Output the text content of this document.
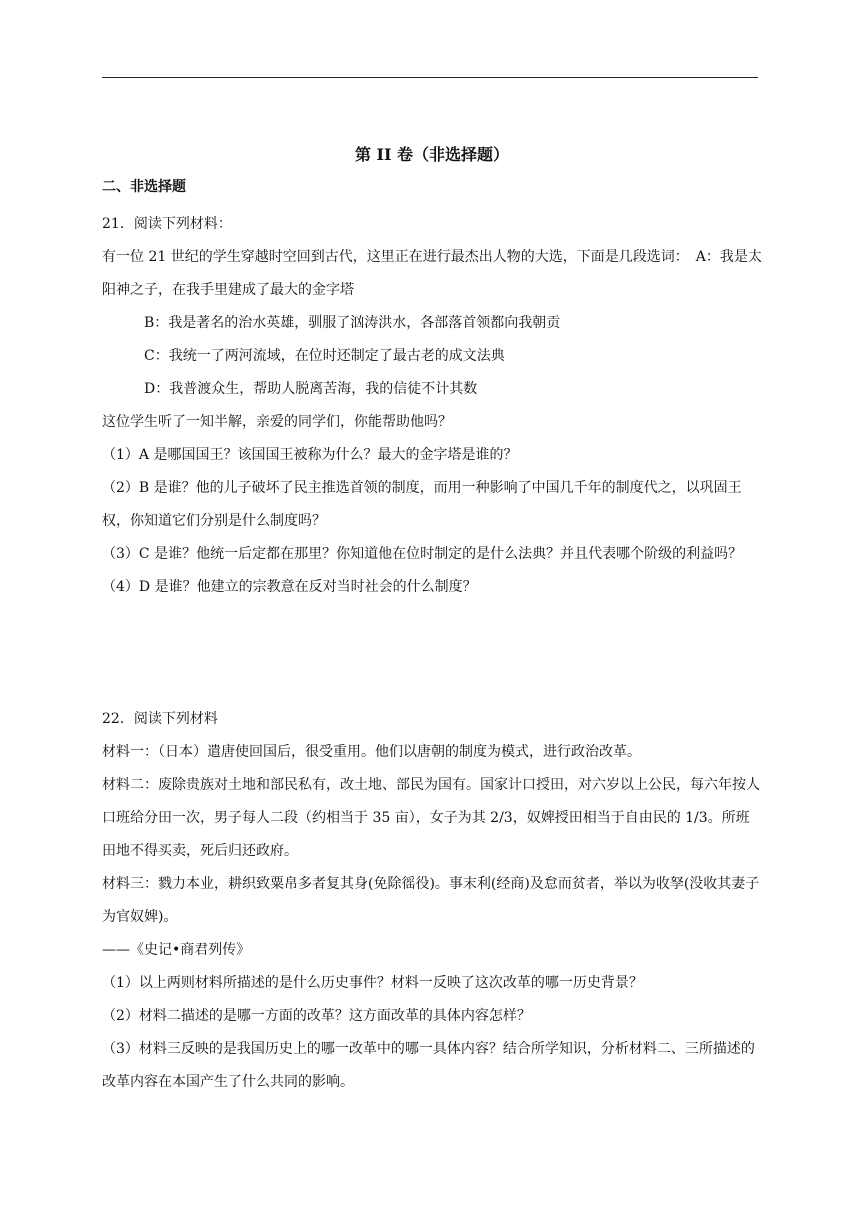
第 II 卷（非选择题）
二、非选择题

21．阅读下列材料：

有一位 21 世纪的学生穿越时空回到古代，这里正在进行最杰出人物的大选，下面是几段选词：　A：我是太阳神之子，在我手里建成了最大的金字塔

B：我是著名的治水英雄，驯服了汹涛洪水，各部落首领都向我朝贡

C：我统一了两河流域，在位时还制定了最古老的成文法典

D：我普渡众生，帮助人脱离苦海，我的信徒不计其数

这位学生听了一知半解，亲爱的同学们，你能帮助他吗？

（1）A 是哪国国王？该国国王被称为什么？最大的金字塔是谁的？

（2）B 是谁？他的儿子破坏了民主推选首领的制度，而用一种影响了中国几千年的制度代之，以巩固王权，你知道它们分别是什么制度吗？

（3）C 是谁？他统一后定都在那里？你知道他在位时制定的是什么法典？并且代表哪个阶级的利益吗？

（4）D 是谁？他建立的宗教意在反对当时社会的什么制度？

22．阅读下列材料

材料一：（日本）遣唐使回国后，很受重用。他们以唐朝的制度为模式，进行政治改革。

材料二：废除贵族对土地和部民私有，改土地、部民为国有。国家计口授田，对六岁以上公民，每六年按人口班给分田一次，男子每人二段（约相当于 35 亩），女子为其 2/3，奴婢授田相当于自由民的 1/3。所班田地不得买卖，死后归还政府。

材料三：戮力本业，耕织致粟帛多者复其身(免除徭役)。事末利(经商)及怠而贫者，举以为收孥(没收其妻子为官奴婢)。

——《史记•商君列传》

（1）以上两则材料所描述的是什么历史事件？材料一反映了这次改革的哪一历史背景？

（2）材料二描述的是哪一方面的改革？这方面改革的具体内容怎样？

（3）材料三反映的是我国历史上的哪一改革中的哪一具体内容？结合所学知识，分析材料二、三所描述的改革内容在本国产生了什么共同的影响。
